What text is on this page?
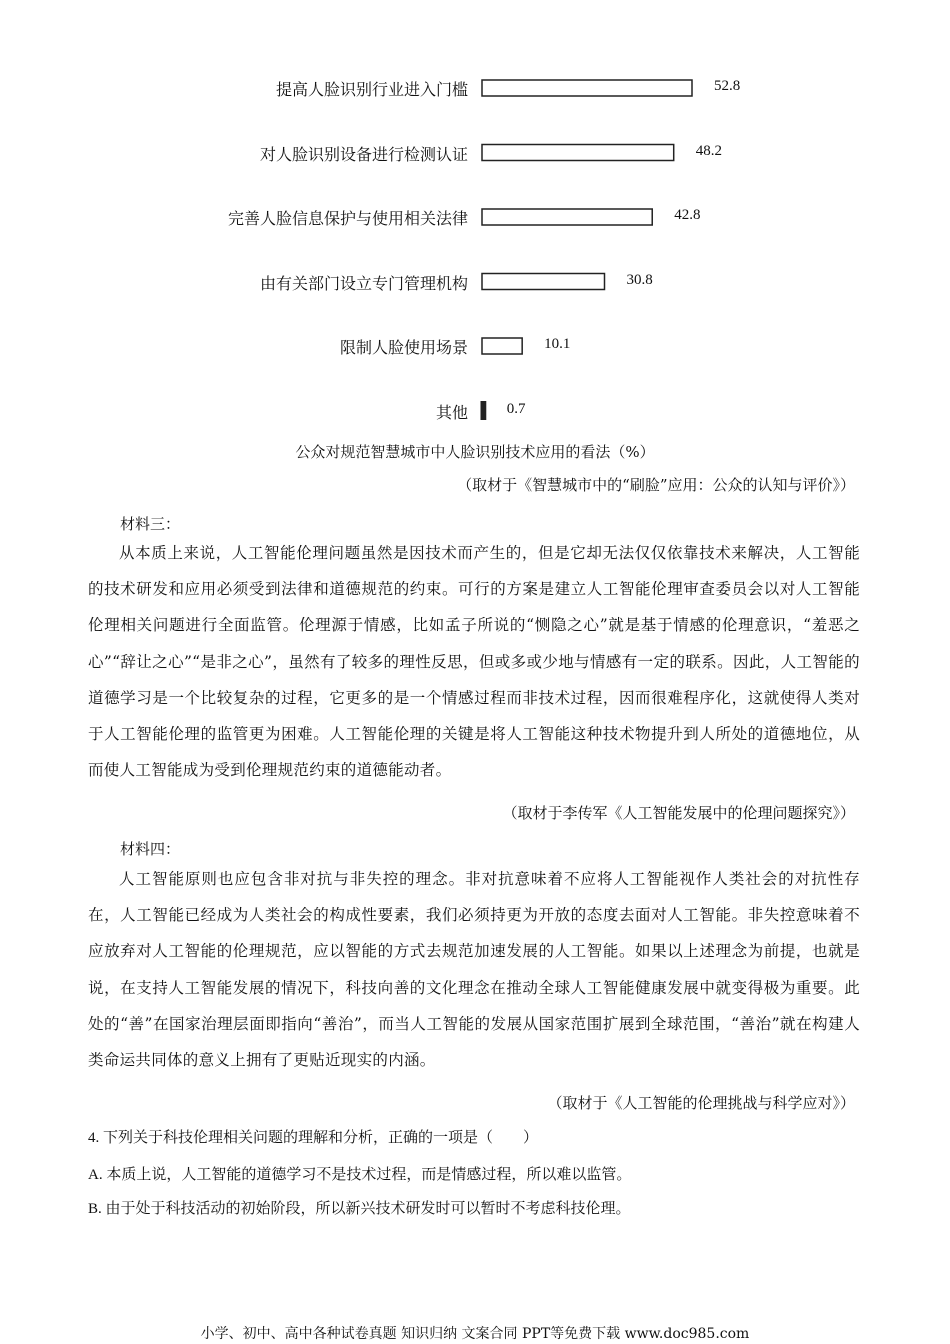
提高人脸识别行业进入门槛	52.8
对人脸识别设备进行检测认证	48.2
完善人脸信息保护与使用相关法律	42.8
由有关部门设立专门管理机构	30.8
限制人脸使用场景	10.1
其他	0.7
公众对规范智慧城市中人脸识别技术应用的看法（%）
（取材于《智慧城市中的“刷脸”应用：公众的认知与评价》）
材料三：
从本质上来说，人工智能伦理问题虽然是因技术而产生的，但是它却无法仅仅依靠技术来解决，人工智能的技术研发和应用必须受到法律和道德规范的约束。可行的方案是建立人工智能伦理审查委员会以对人工智能伦理相关问题进行全面监管。伦理源于情感，比如孟子所说的“恻隐之心”就是基于情感的伦理意识，“羞恶之心”“辞让之心”“是非之心”，虽然有了较多的理性反思，但或多或少地与情感有一定的联系。因此，人工智能的道德学习是一个比较复杂的过程，它更多的是一个情感过程而非技术过程，因而很难程序化，这就使得人类对于人工智能伦理的监管更为困难。人工智能伦理的关键是将人工智能这种技术物提升到人所处的道德地位，从而使人工智能成为受到伦理规范约束的道德能动者。
（取材于李传军《人工智能发展中的伦理问题探究》）
材料四：
人工智能原则也应包含非对抗与非失控的理念。非对抗意味着不应将人工智能视作人类社会的对抗性存在，人工智能已经成为人类社会的构成性要素，我们必须持更为开放的态度去面对人工智能。非失控意味着不应放弃对人工智能的伦理规范，应以智能的方式去规范加速发展的人工智能。如果以上述理念为前提，也就是说，在支持人工智能发展的情况下，科技向善的文化理念在推动全球人工智能健康发展中就变得极为重要。此处的“善”在国家治理层面即指向“善治”，而当人工智能的发展从国家范围扩展到全球范围，“善治”就在构建人类命运共同体的意义上拥有了更贴近现实的内涵。
（取材于《人工智能的伦理挑战与科学应对》）
4. 下列关于科技伦理相关问题的理解和分析，正确的一项是（　　）
A. 本质上说，人工智能的道德学习不是技术过程，而是情感过程，所以难以监管。
B. 由于处于科技活动的初始阶段，所以新兴技术研发时可以暂时不考虑科技伦理。
小学、初中、高中各种试卷真题 知识归纳 文案合同 PPT等免费下载 www.doc985.com
